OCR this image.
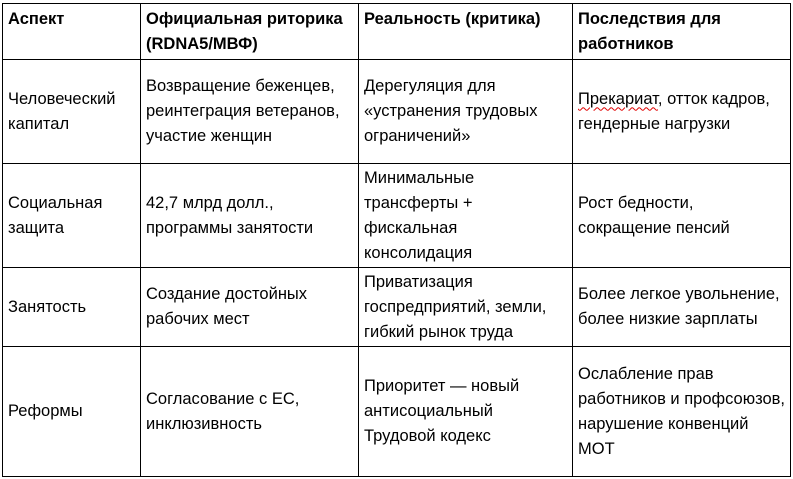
Аспект	Официальная риторика (RDNA5/МВФ)	Реальность (критика)	Последствия для работников
Человеческий капитал	Возвращение беженцев, реинтеграция ветеранов, участие женщин	Дерегуляция для «устранения трудовых ограничений»	Прекариат, отток кадров, гендерные нагрузки
Социальная защита	42,7 млрд долл., программы занятости	Минимальные трансферты + фискальная консолидация	Рост бедности, сокращение пенсий
Занятость	Создание достойных рабочих мест	Приватизация госпредприятий, земли, гибкий рынок труда	Более легкое увольнение, более низкие зарплаты
Реформы	Согласование с ЕС, инклюзивность	Приоритет — новый антисоциальный Трудовой кодекс	Ослабление прав работников и профсоюзов, нарушение конвенций МОТ
